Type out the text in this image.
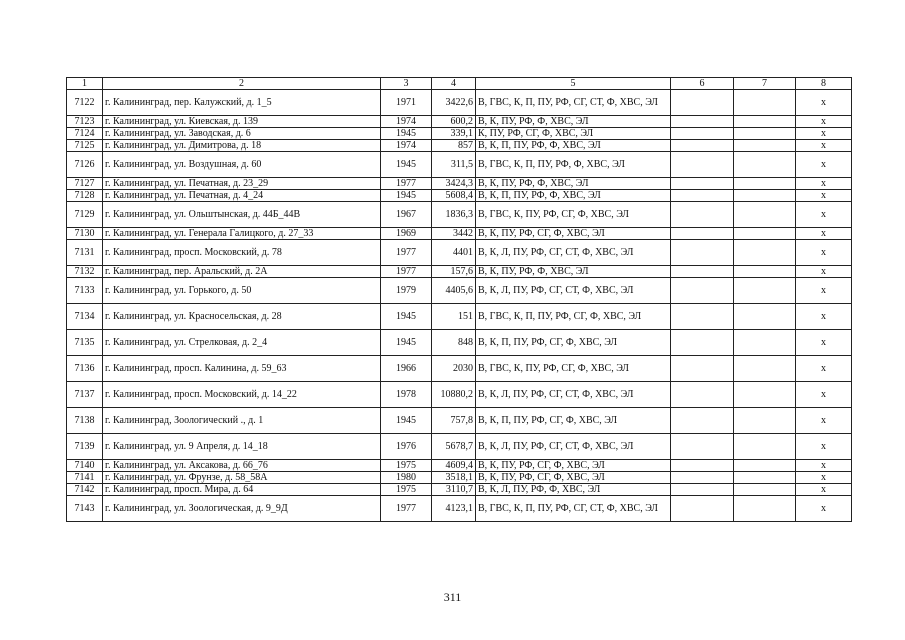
1	2	3	4	5	6	7	8
7122	г. Калининград, пер. Калужский, д. 1_5	1971	3422,6	В, ГВС, К, П, ПУ, РФ, СГ, СТ, Ф, ХВС, ЭЛ			x
7123	г. Калининград, ул. Киевская, д. 139	1974	600,2	В, К, ПУ, РФ, Ф, ХВС, ЭЛ			x
7124	г. Калининград, ул. Заводская, д. 6	1945	339,1	К, ПУ, РФ, СГ, Ф, ХВС, ЭЛ			x
7125	г. Калининград, ул. Димитрова, д. 18	1974	857	В, К, П, ПУ, РФ, Ф, ХВС, ЭЛ			x
7126	г. Калининград, ул. Воздушная, д. 60	1945	311,5	В, ГВС, К, П, ПУ, РФ, Ф, ХВС, ЭЛ			x
7127	г. Калининград, ул. Печатная, д. 23_29	1977	3424,3	В, К, ПУ, РФ, Ф, ХВС, ЭЛ			x
7128	г. Калининград, ул. Печатная, д. 4_24	1945	5608,4	В, К, П, ПУ, РФ, Ф, ХВС, ЭЛ			x
7129	г. Калининград, ул. Ольштынская, д. 44Б_44В	1967	1836,3	В, ГВС, К, ПУ, РФ, СГ, Ф, ХВС, ЭЛ			x
7130	г. Калининград, ул. Генерала Галицкого, д. 27_33	1969	3442	В, К, ПУ, РФ, СГ, Ф, ХВС, ЭЛ			x
7131	г. Калининград, просп. Московский, д. 78	1977	4401	В, К, Л, ПУ, РФ, СГ, СТ, Ф, ХВС, ЭЛ			x
7132	г. Калининград, пер. Аральский, д. 2А	1977	157,6	В, К, ПУ, РФ, Ф, ХВС, ЭЛ			x
7133	г. Калининград, ул. Горького, д. 50	1979	4405,6	В, К, Л, ПУ, РФ, СГ, СТ, Ф, ХВС, ЭЛ			x
7134	г. Калининград, ул. Красносельская, д. 28	1945	151	В, ГВС, К, П, ПУ, РФ, СГ, Ф, ХВС, ЭЛ			x
7135	г. Калининград, ул. Стрелковая, д. 2_4	1945	848	В, К, П, ПУ, РФ, СГ, Ф, ХВС, ЭЛ			x
7136	г. Калининград, просп. Калинина, д. 59_63	1966	2030	В, ГВС, К, ПУ, РФ, СГ, Ф, ХВС, ЭЛ			x
7137	г. Калининград, просп. Московский, д. 14_22	1978	10880,2	В, К, Л, ПУ, РФ, СГ, СТ, Ф, ХВС, ЭЛ			x
7138	г. Калининград, Зоологический ., д. 1	1945	757,8	В, К, П, ПУ, РФ, СГ, Ф, ХВС, ЭЛ			x
7139	г. Калининград, ул. 9 Апреля, д. 14_18	1976	5678,7	В, К, Л, ПУ, РФ, СГ, СТ, Ф, ХВС, ЭЛ			x
7140	г. Калининград, ул. Аксакова, д. 66_76	1975	4609,4	В, К, ПУ, РФ, СГ, Ф, ХВС, ЭЛ			x
7141	г. Калининград, ул. Фрунзе, д. 58_58А	1980	3518,1	В, К, ПУ, РФ, СГ, Ф, ХВС, ЭЛ			x
7142	г. Калининград, просп. Мира, д. 64	1975	3110,7	В, К, Л, ПУ, РФ, Ф, ХВС, ЭЛ			x
7143	г. Калининград, ул. Зоологическая, д. 9_9Д	1977	4123,1	В, ГВС, К, П, ПУ, РФ, СГ, СТ, Ф, ХВС, ЭЛ			x
311
